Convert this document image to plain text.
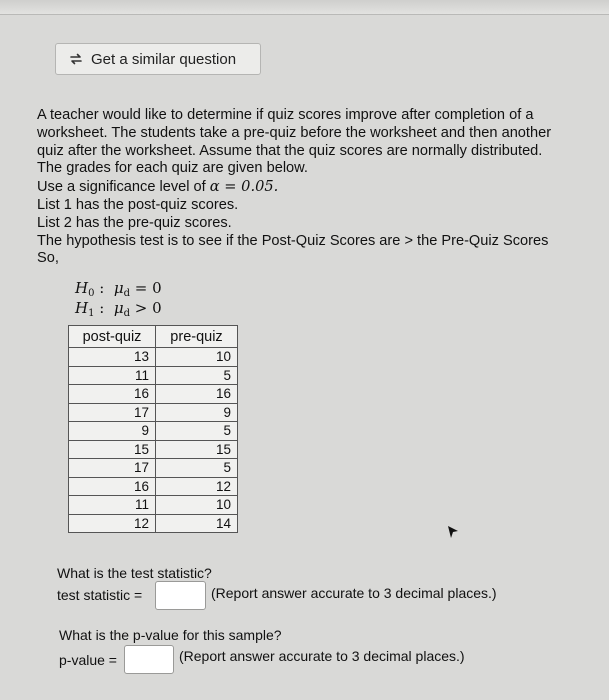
Get a similar question
A teacher would like to determine if quiz scores improve after completion of a
worksheet. The students take a pre-quiz before the worksheet and then another
quiz after the worksheet. Assume that the quiz scores are normally distributed.
The grades for each quiz are given below.
Use a significance level of α = 0.05.
List 1 has the post-quiz scores.
List 2 has the pre-quiz scores.
The hypothesis test is to see if the Post-Quiz Scores are > the Pre-Quiz Scores
So,
$H_0$ :  $\mu_d = 0$
$H_1$ :  $\mu_d > 0$
post-quiz	pre-quiz
13	10
11	5
16	16
17	9
9	5
15	15
17	5
16	12
11	10
12	14
What is the test statistic?
test statistic =	(Report answer accurate to 3 decimal places.)
What is the p-value for this sample?
p-value =	(Report answer accurate to 3 decimal places.)
